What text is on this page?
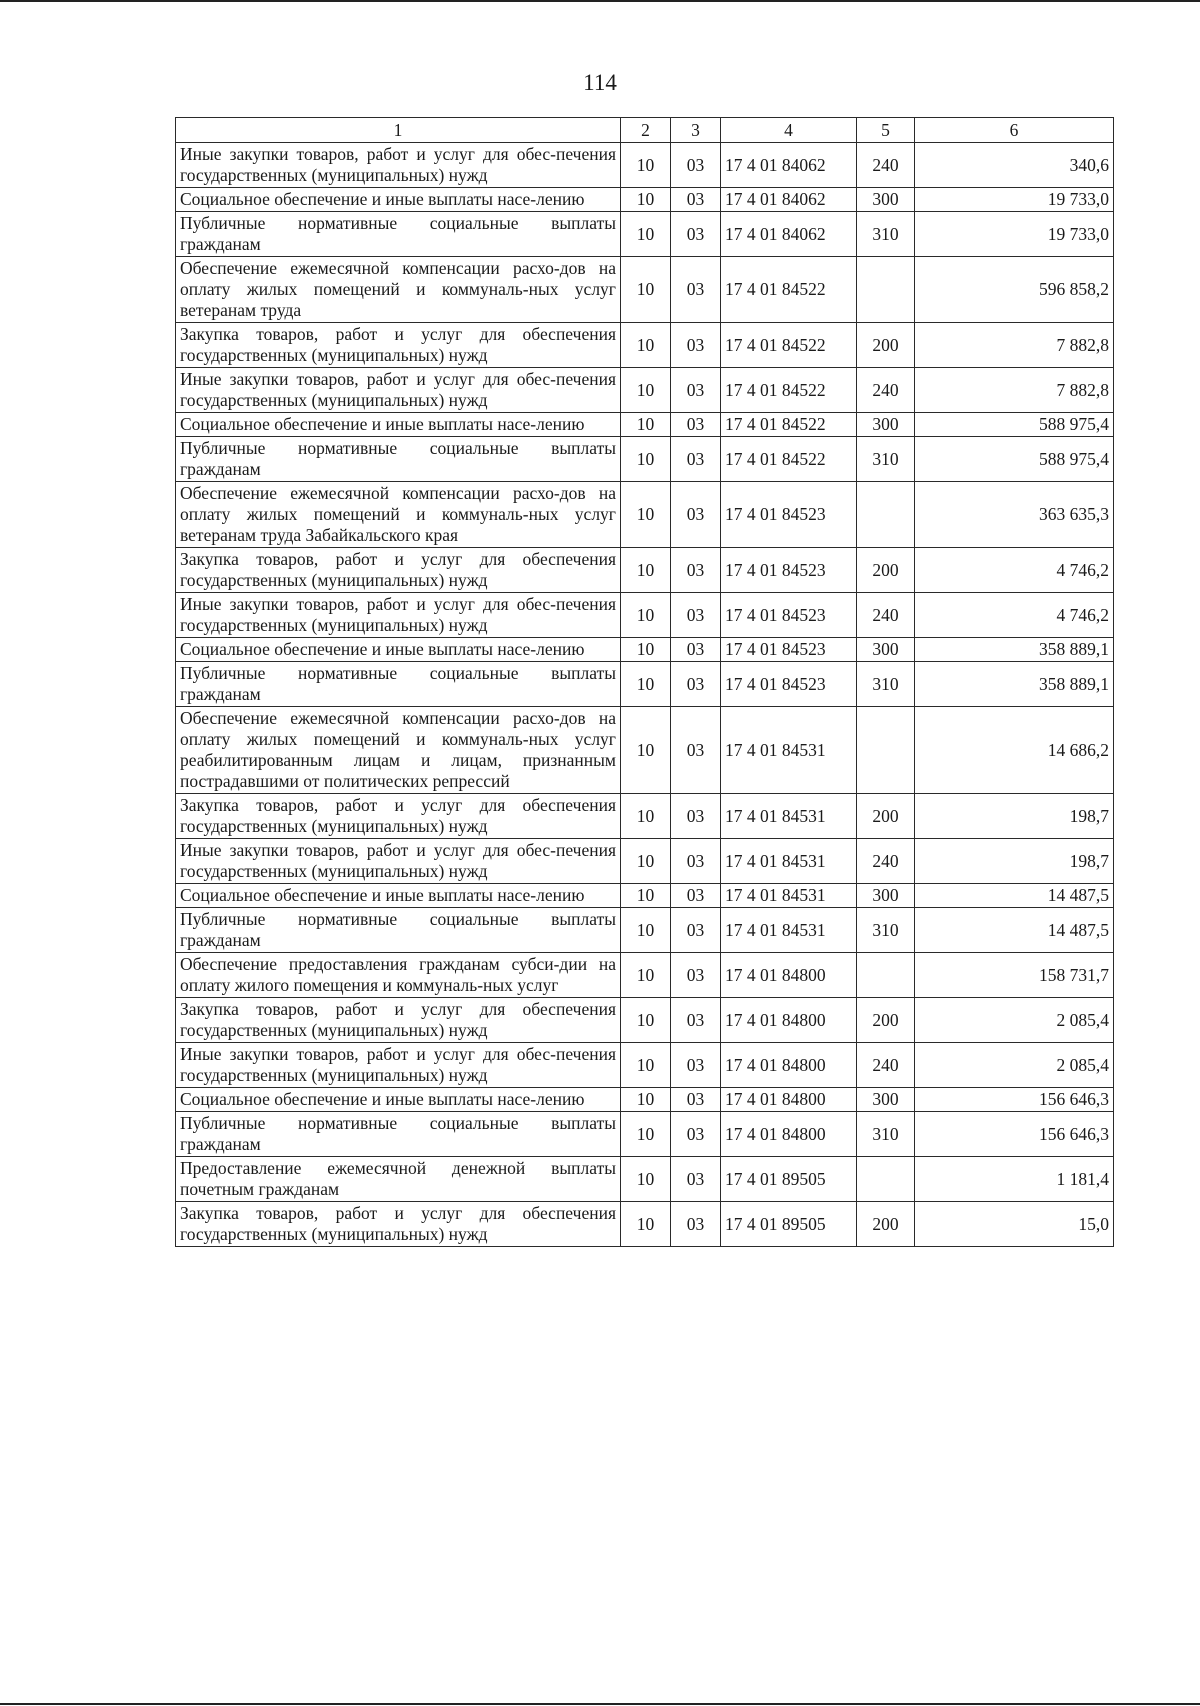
114
1	2	3	4	5	6
Иные закупки товаров, работ и услуг для обес-печения государственных (муниципальных) нужд	10	03	17 4 01 84062	240	340,6
Социальное обеспечение и иные выплаты насе-лению	10	03	17 4 01 84062	300	19 733,0
Публичные нормативные социальные выплаты гражданам	10	03	17 4 01 84062	310	19 733,0
Обеспечение ежемесячной компенсации расхо-дов на оплату жилых помещений и коммуналь-ных услуг ветеранам труда	10	03	17 4 01 84522		596 858,2
Закупка товаров, работ и услуг для обеспечения государственных (муниципальных) нужд	10	03	17 4 01 84522	200	7 882,8
Иные закупки товаров, работ и услуг для обес-печения государственных (муниципальных) нужд	10	03	17 4 01 84522	240	7 882,8
Социальное обеспечение и иные выплаты насе-лению	10	03	17 4 01 84522	300	588 975,4
Публичные нормативные социальные выплаты гражданам	10	03	17 4 01 84522	310	588 975,4
Обеспечение ежемесячной компенсации расхо-дов на оплату жилых помещений и коммуналь-ных услуг ветеранам труда Забайкальского края	10	03	17 4 01 84523		363 635,3
Закупка товаров, работ и услуг для обеспечения государственных (муниципальных) нужд	10	03	17 4 01 84523	200	4 746,2
Иные закупки товаров, работ и услуг для обес-печения государственных (муниципальных) нужд	10	03	17 4 01 84523	240	4 746,2
Социальное обеспечение и иные выплаты насе-лению	10	03	17 4 01 84523	300	358 889,1
Публичные нормативные социальные выплаты гражданам	10	03	17 4 01 84523	310	358 889,1
Обеспечение ежемесячной компенсации расхо-дов на оплату жилых помещений и коммуналь-ных услуг реабилитированным лицам и лицам, признанным пострадавшими от политических репрессий	10	03	17 4 01 84531		14 686,2
Закупка товаров, работ и услуг для обеспечения государственных (муниципальных) нужд	10	03	17 4 01 84531	200	198,7
Иные закупки товаров, работ и услуг для обес-печения государственных (муниципальных) нужд	10	03	17 4 01 84531	240	198,7
Социальное обеспечение и иные выплаты насе-лению	10	03	17 4 01 84531	300	14 487,5
Публичные нормативные социальные выплаты гражданам	10	03	17 4 01 84531	310	14 487,5
Обеспечение предоставления гражданам субси-дии на оплату жилого помещения и коммуналь-ных услуг	10	03	17 4 01 84800		158 731,7
Закупка товаров, работ и услуг для обеспечения государственных (муниципальных) нужд	10	03	17 4 01 84800	200	2 085,4
Иные закупки товаров, работ и услуг для обес-печения государственных (муниципальных) нужд	10	03	17 4 01 84800	240	2 085,4
Социальное обеспечение и иные выплаты насе-лению	10	03	17 4 01 84800	300	156 646,3
Публичные нормативные социальные выплаты гражданам	10	03	17 4 01 84800	310	156 646,3
Предоставление ежемесячной денежной выплаты почетным гражданам	10	03	17 4 01 89505		1 181,4
Закупка товаров, работ и услуг для обеспечения государственных (муниципальных) нужд	10	03	17 4 01 89505	200	15,0
